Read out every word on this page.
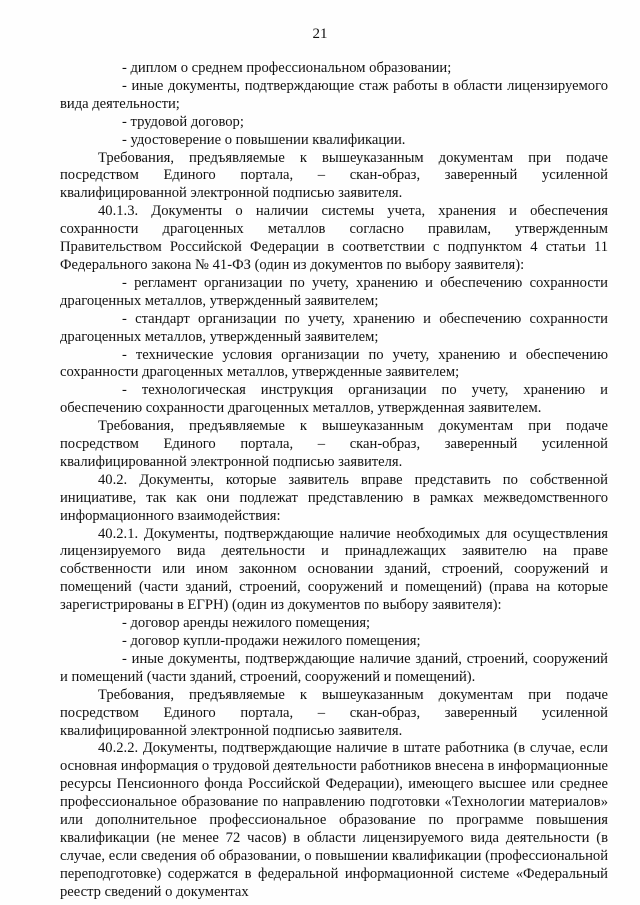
21

- диплом о среднем профессиональном образовании;

- иные документы, подтверждающие стаж работы в области лицензируемого вида деятельности;

- трудовой договор;

- удостоверение о повышении квалификации.

Требования, предъявляемые к вышеуказанным документам при подаче посредством Единого портала, – скан-образ, заверенный усиленной квалифицированной электронной подписью заявителя.

40.1.3. Документы о наличии системы учета, хранения и обеспечения сохранности драгоценных металлов согласно правилам, утвержденным Правительством Российской Федерации в соответствии с подпунктом 4 статьи 11 Федерального закона № 41-ФЗ (один из документов по выбору заявителя):

- регламент организации по учету, хранению и обеспечению сохранности драгоценных металлов, утвержденный заявителем;

- стандарт организации по учету, хранению и обеспечению сохранности драгоценных металлов, утвержденный заявителем;

- технические условия организации по учету, хранению и обеспечению сохранности драгоценных металлов, утвержденные заявителем;

- технологическая инструкция организации по учету, хранению и обеспечению сохранности драгоценных металлов, утвержденная заявителем.

Требования, предъявляемые к вышеуказанным документам при подаче посредством Единого портала, – скан-образ, заверенный усиленной квалифицированной электронной подписью заявителя.

40.2. Документы, которые заявитель вправе представить по собственной инициативе, так как они подлежат представлению в рамках межведомственного информационного взаимодействия:

40.2.1. Документы, подтверждающие наличие необходимых для осуществления лицензируемого вида деятельности и принадлежащих заявителю на праве собственности или ином законном основании зданий, строений, сооружений и помещений (части зданий, строений, сооружений и помещений) (права на которые зарегистрированы в ЕГРН) (один из документов по выбору заявителя):

- договор аренды нежилого помещения;

- договор купли-продажи нежилого помещения;

- иные документы, подтверждающие наличие зданий, строений, сооружений и помещений (части зданий, строений, сооружений и помещений).

Требования, предъявляемые к вышеуказанным документам при подаче посредством Единого портала, – скан-образ, заверенный усиленной квалифицированной электронной подписью заявителя.

40.2.2. Документы, подтверждающие наличие в штате работника (в случае, если основная информация о трудовой деятельности работников внесена в информационные ресурсы Пенсионного фонда Российской Федерации), имеющего высшее или среднее профессиональное образование по направлению подготовки «Технологии материалов» или дополнительное профессиональное образование по программе повышения квалификации (не менее 72 часов) в области лицензируемого вида деятельности (в случае, если сведения об образовании, о повышении квалификации (профессиональной переподготовке) содержатся в федеральной информационной системе «Федеральный реестр сведений о документах
